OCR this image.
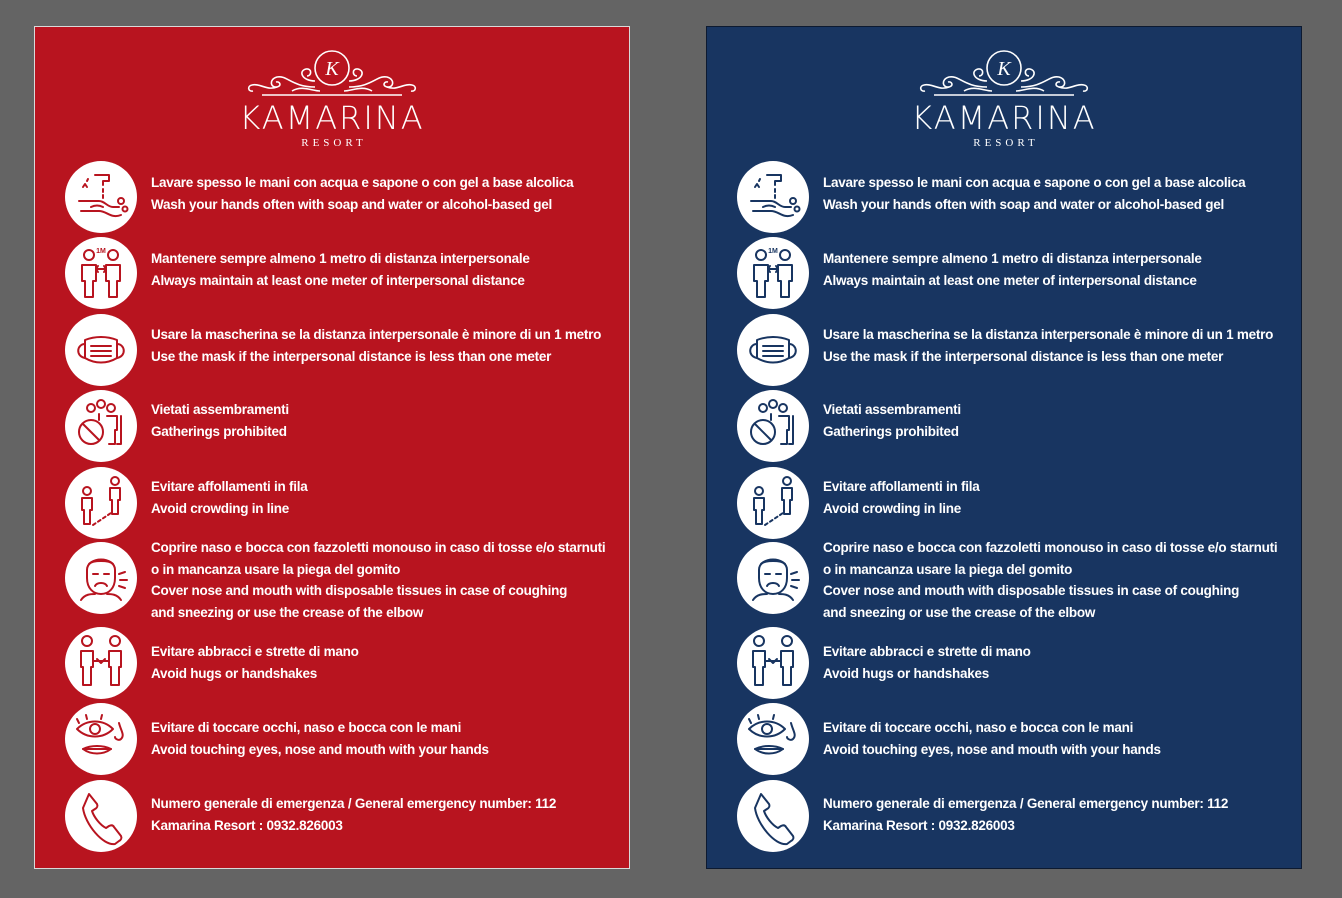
K
KAMARINA
RESORT
Lavare spesso le mani con acqua e sapone o con gel a base alcolica
Wash your hands often with soap and water or alcohol-based gel
1M	Mantenere sempre almeno 1 metro di distanza interpersonale
Always maintain at least one meter of interpersonal distance
Usare la mascherina se la distanza interpersonale è minore di un 1 metro
Use the mask if the interpersonal distance is less than one meter
Vietati assembramenti
Gatherings prohibited
Evitare affollamenti in fila
Avoid crowding in line
Coprire naso e bocca con fazzoletti monouso in caso di tosse e/o starnuti
o in mancanza usare la piega del gomito
Cover nose and mouth with disposable tissues in case of coughing
and sneezing or use the crease of the elbow
Evitare abbracci e strette di mano
Avoid hugs or handshakes
Evitare di toccare occhi, naso e bocca con le mani
Avoid touching eyes, nose and mouth with your hands
Numero generale di emergenza / General emergency number: 112
Kamarina Resort : 0932.826003
K
KAMARINA
RESORT
Lavare spesso le mani con acqua e sapone o con gel a base alcolica
Wash your hands often with soap and water or alcohol-based gel
1M	Mantenere sempre almeno 1 metro di distanza interpersonale
Always maintain at least one meter of interpersonal distance
Usare la mascherina se la distanza interpersonale è minore di un 1 metro
Use the mask if the interpersonal distance is less than one meter
Vietati assembramenti
Gatherings prohibited
Evitare affollamenti in fila
Avoid crowding in line
Coprire naso e bocca con fazzoletti monouso in caso di tosse e/o starnuti
o in mancanza usare la piega del gomito
Cover nose and mouth with disposable tissues in case of coughing
and sneezing or use the crease of the elbow
Evitare abbracci e strette di mano
Avoid hugs or handshakes
Evitare di toccare occhi, naso e bocca con le mani
Avoid touching eyes, nose and mouth with your hands
Numero generale di emergenza / General emergency number: 112
Kamarina Resort : 0932.826003
